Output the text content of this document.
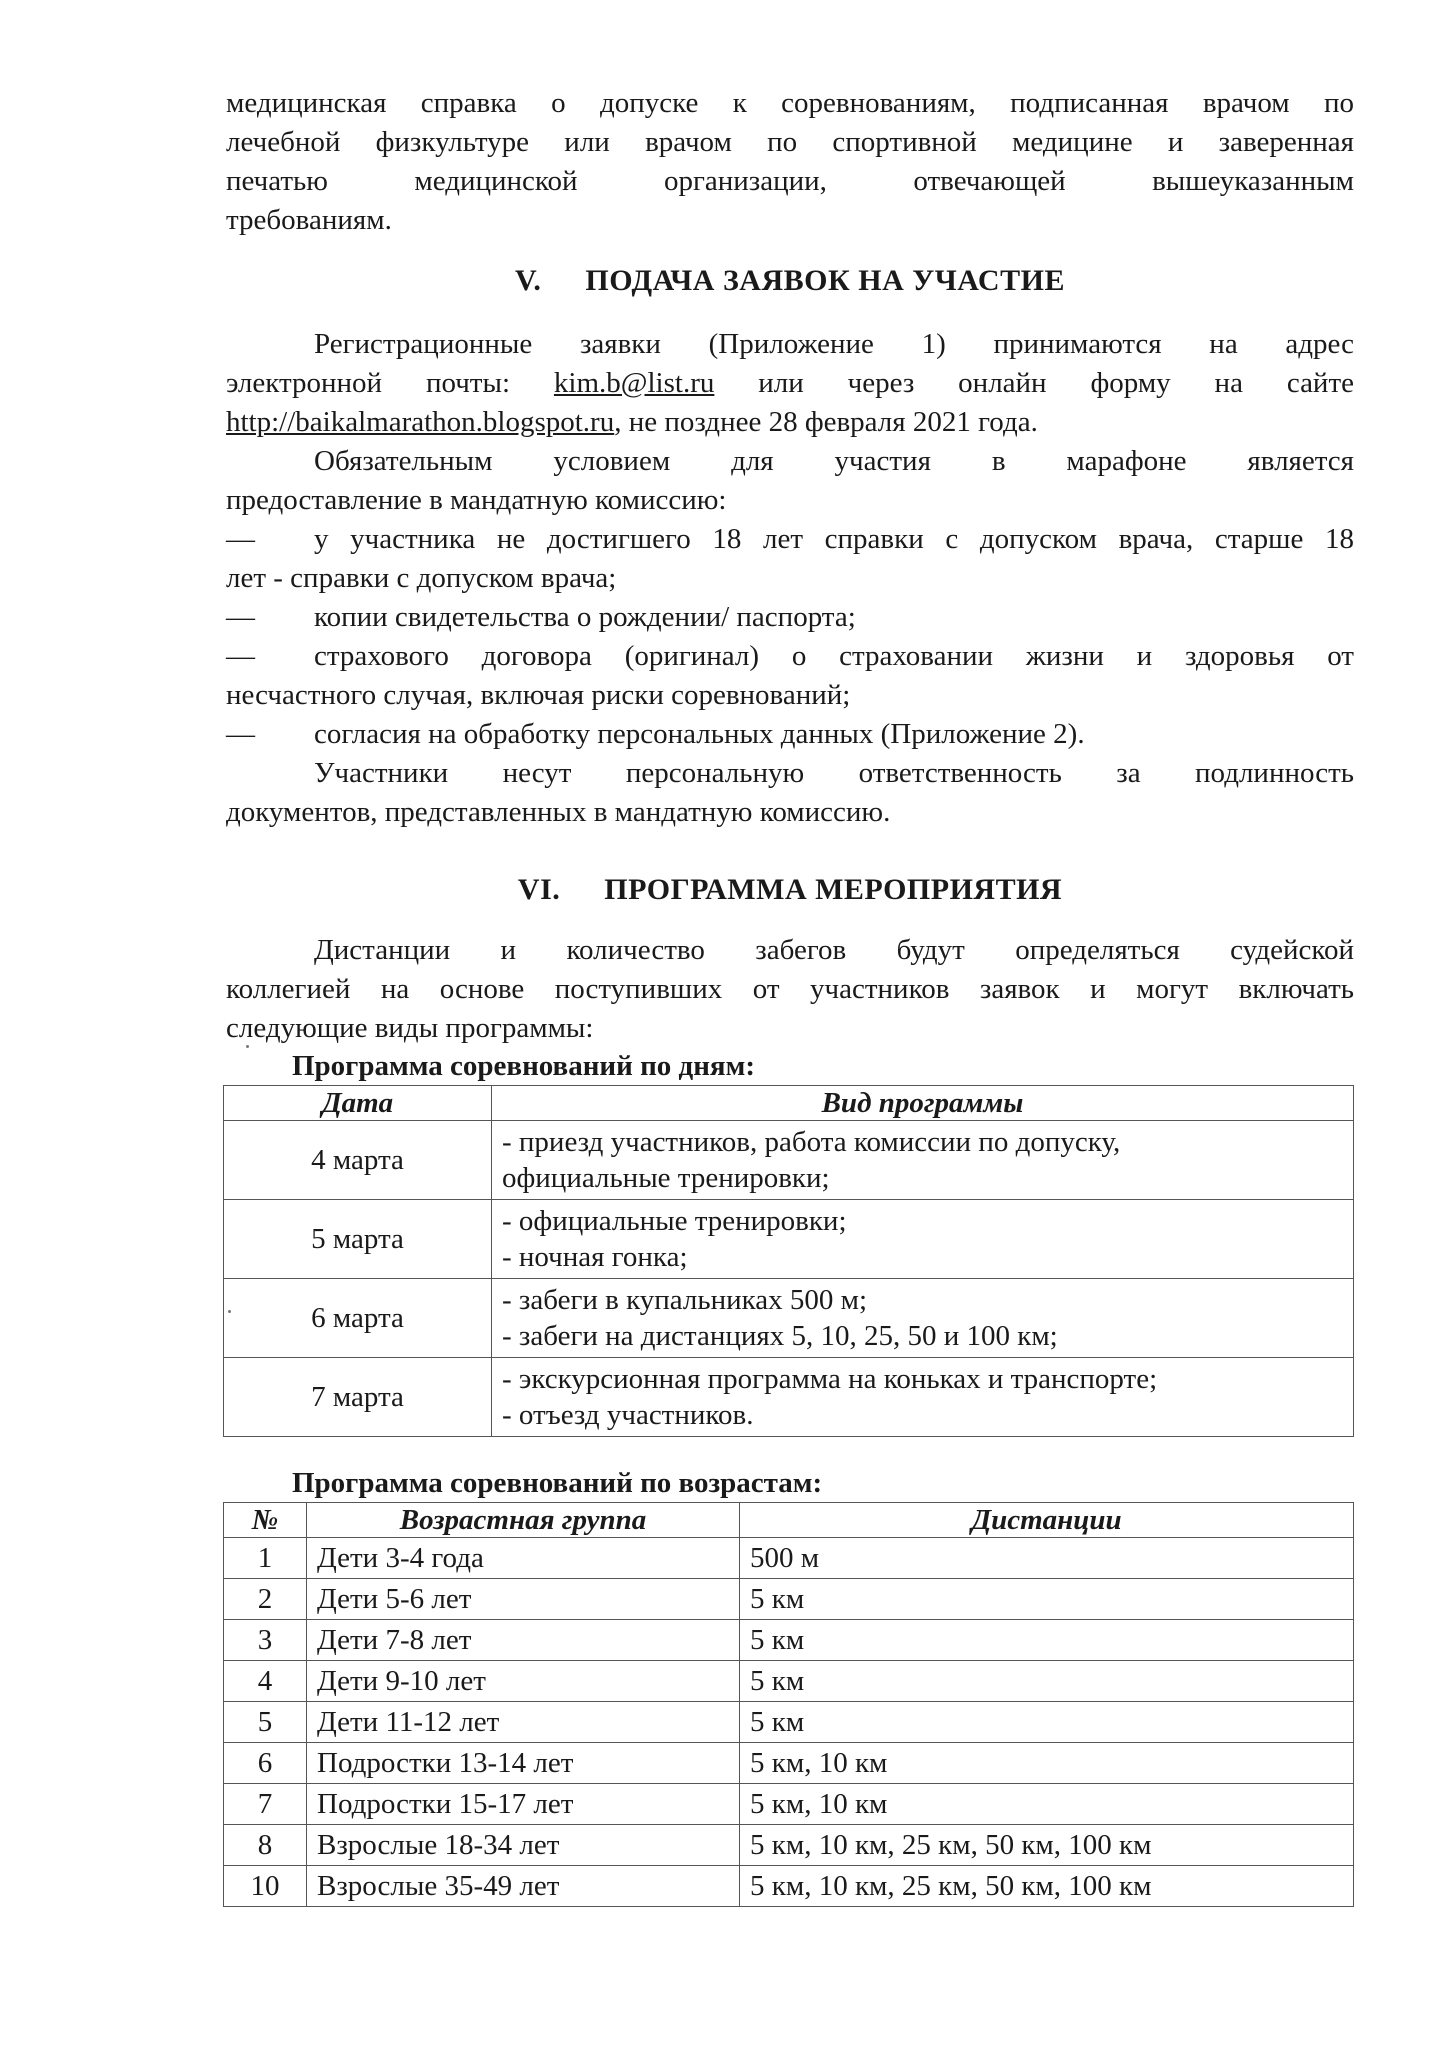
медицинская справка о допуске к соревнованиям, подписанная врачом по

лечебной физкультуре или врачом по спортивной медицине и заверенная

печатью медицинской организации, отвечающей вышеуказанным

требованиям.

V. ПОДАЧА ЗАЯВОК НА УЧАСТИЕ

Регистрационные заявки (Приложение 1) принимаются на адрес

электронной почты: kim.b@list.ru или через онлайн форму на сайте

http://baikalmarathon.blogspot.ru, не позднее 28 февраля 2021 года.

Обязательным условием для участия в марафоне является

предоставление в мандатную комиссию:

— у участника не достигшего 18 лет справки с допуском врача, старше 18

лет - справки с допуском врача;

— копии свидетельства о рождении/ паспорта;

— страхового договора (оригинал) о страховании жизни и здоровья от

несчастного случая, включая риски соревнований;

— согласия на обработку персональных данных (Приложение 2).

Участники несут персональную ответственность за подлинность

документов, представленных в мандатную комиссию.

VI. ПРОГРАММА МЕРОПРИЯТИЯ

Дистанции и количество забегов будут определяться судейской

коллегией на основе поступивших от участников заявок и могут включать

следующие виды программы:

Программа соревнований по дням:
Дата	Вид программы
4 марта	- приезд участников, работа комиссии по допуску,
официальные тренировки;

5 марта	- официальные тренировки;
- ночная гонка;

6 марта	- забеги в купальниках 500 м;
- забеги на дистанциях 5, 10, 25, 50 и 100 км;

7 марта	- экскурсионная программа на коньках и транспорте;
- отъезд участников.
Программа соревнований по возрастам:
№	Возрастная группа	Дистанции
1	Дети 3-4 года	500 м
2	Дети 5-6 лет	5 км
3	Дети 7-8 лет	5 км
4	Дети 9-10 лет	5 км
5	Дети 11-12 лет	5 км
6	Подростки 13-14 лет	5 км, 10 км
7	Подростки 15-17 лет	5 км, 10 км
8	Взрослые 18-34 лет	5 км, 10 км, 25 км, 50 км, 100 км
10	Взрослые 35-49 лет	5 км, 10 км, 25 км, 50 км, 100 км
